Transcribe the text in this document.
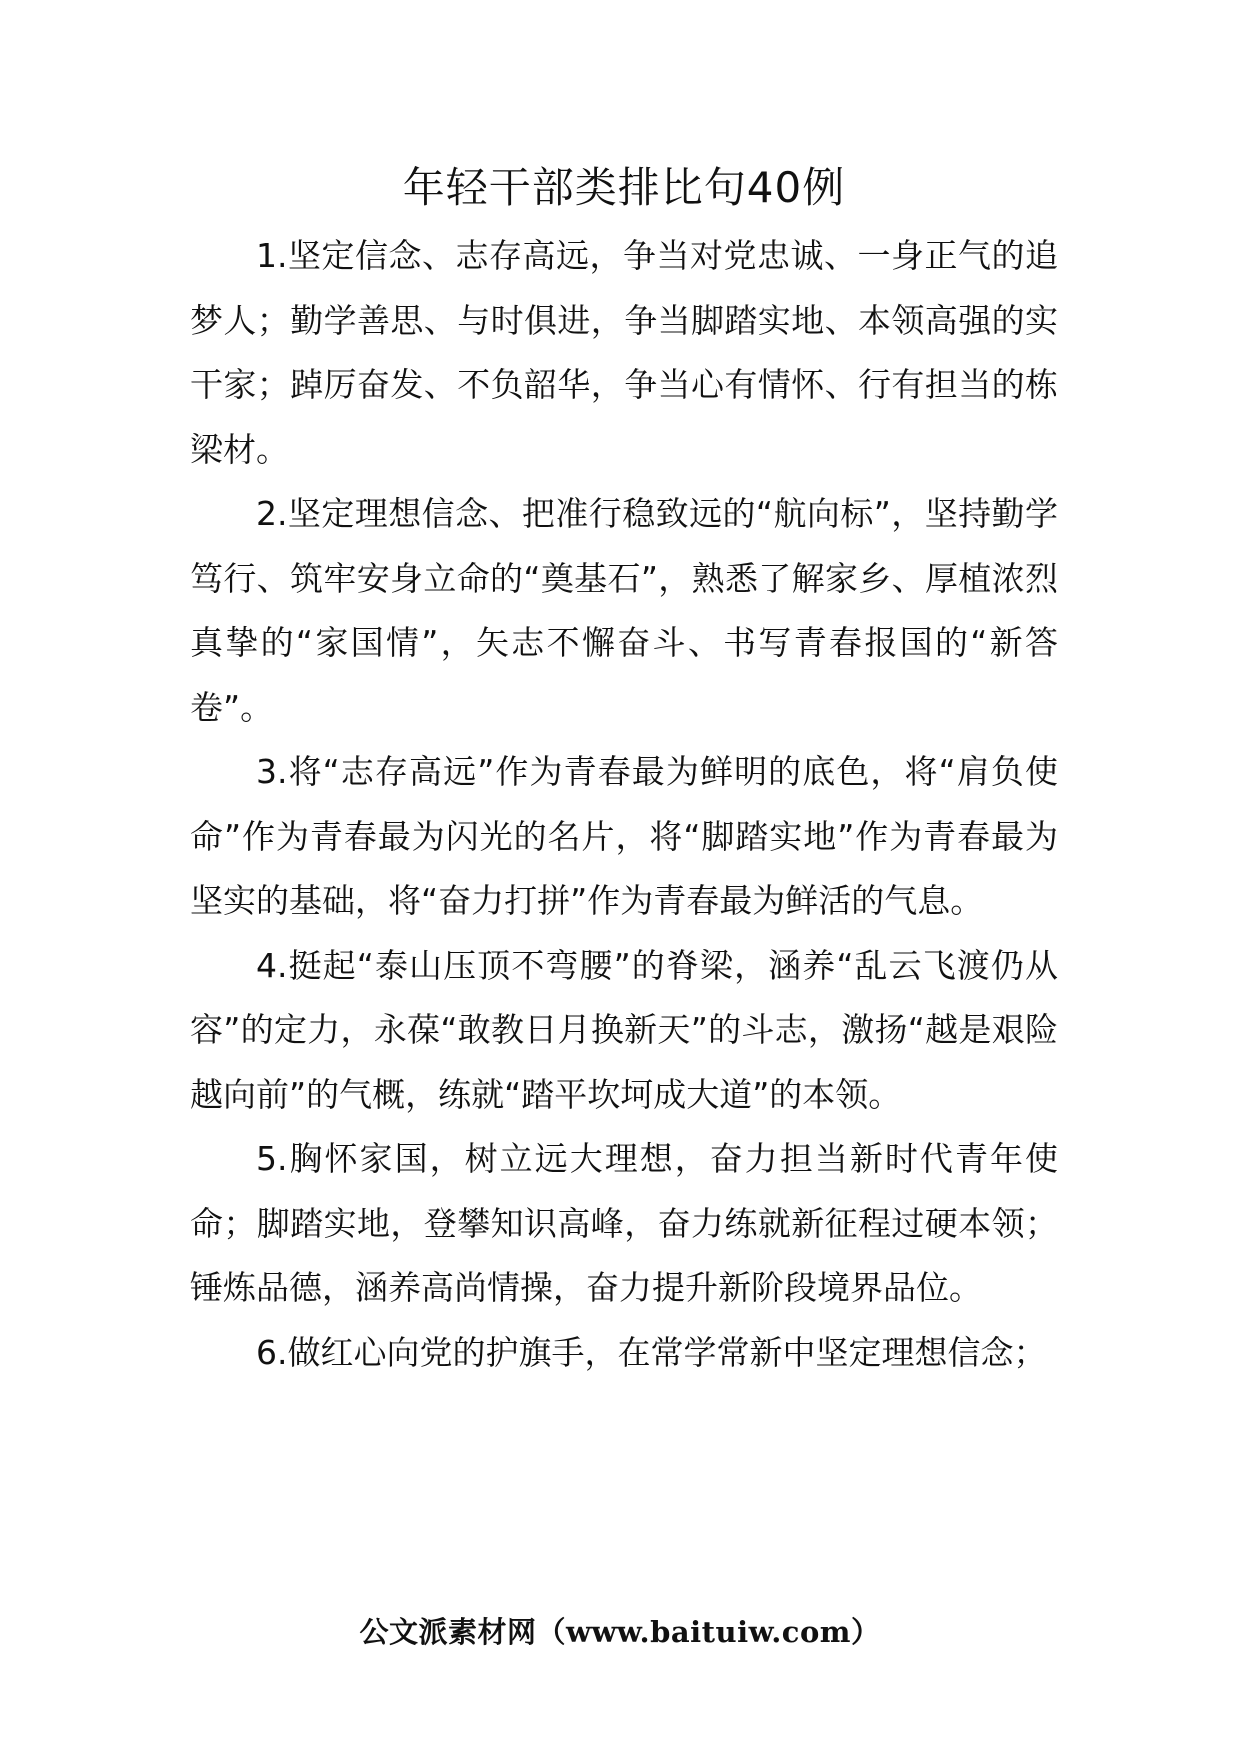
年轻干部类排比句40例

1.坚定信念、志存高远，争当对党忠诚、一身正气的追梦人；勤学善思、与时俱进，争当脚踏实地、本领高强的实干家；踔厉奋发、不负韶华，争当心有情怀、行有担当的栋梁材。

2.坚定理想信念、把准行稳致远的“航向标”，坚持勤学笃行、筑牢安身立命的“奠基石”，熟悉了解家乡、厚植浓烈真挚的“家国情”，矢志不懈奋斗、书写青春报国的“新答卷”。

3.将“志存高远”作为青春最为鲜明的底色，将“肩负使命”作为青春最为闪光的名片，将“脚踏实地”作为青春最为坚实的基础，将“奋力打拼”作为青春最为鲜活的气息。

4.挺起“泰山压顶不弯腰”的脊梁，涵养“乱云飞渡仍从容”的定力，永葆“敢教日月换新天”的斗志，激扬“越是艰险越向前”的气概，练就“踏平坎坷成大道”的本领。

5.胸怀家国，树立远大理想，奋力担当新时代青年使命；脚踏实地，登攀知识高峰，奋力练就新征程过硬本领；锤炼品德，涵养高尚情操，奋力提升新阶段境界品位。

6.做红心向党的护旗手，在常学常新中坚定理想信念；

公文派素材网（www.baituiw.com）
